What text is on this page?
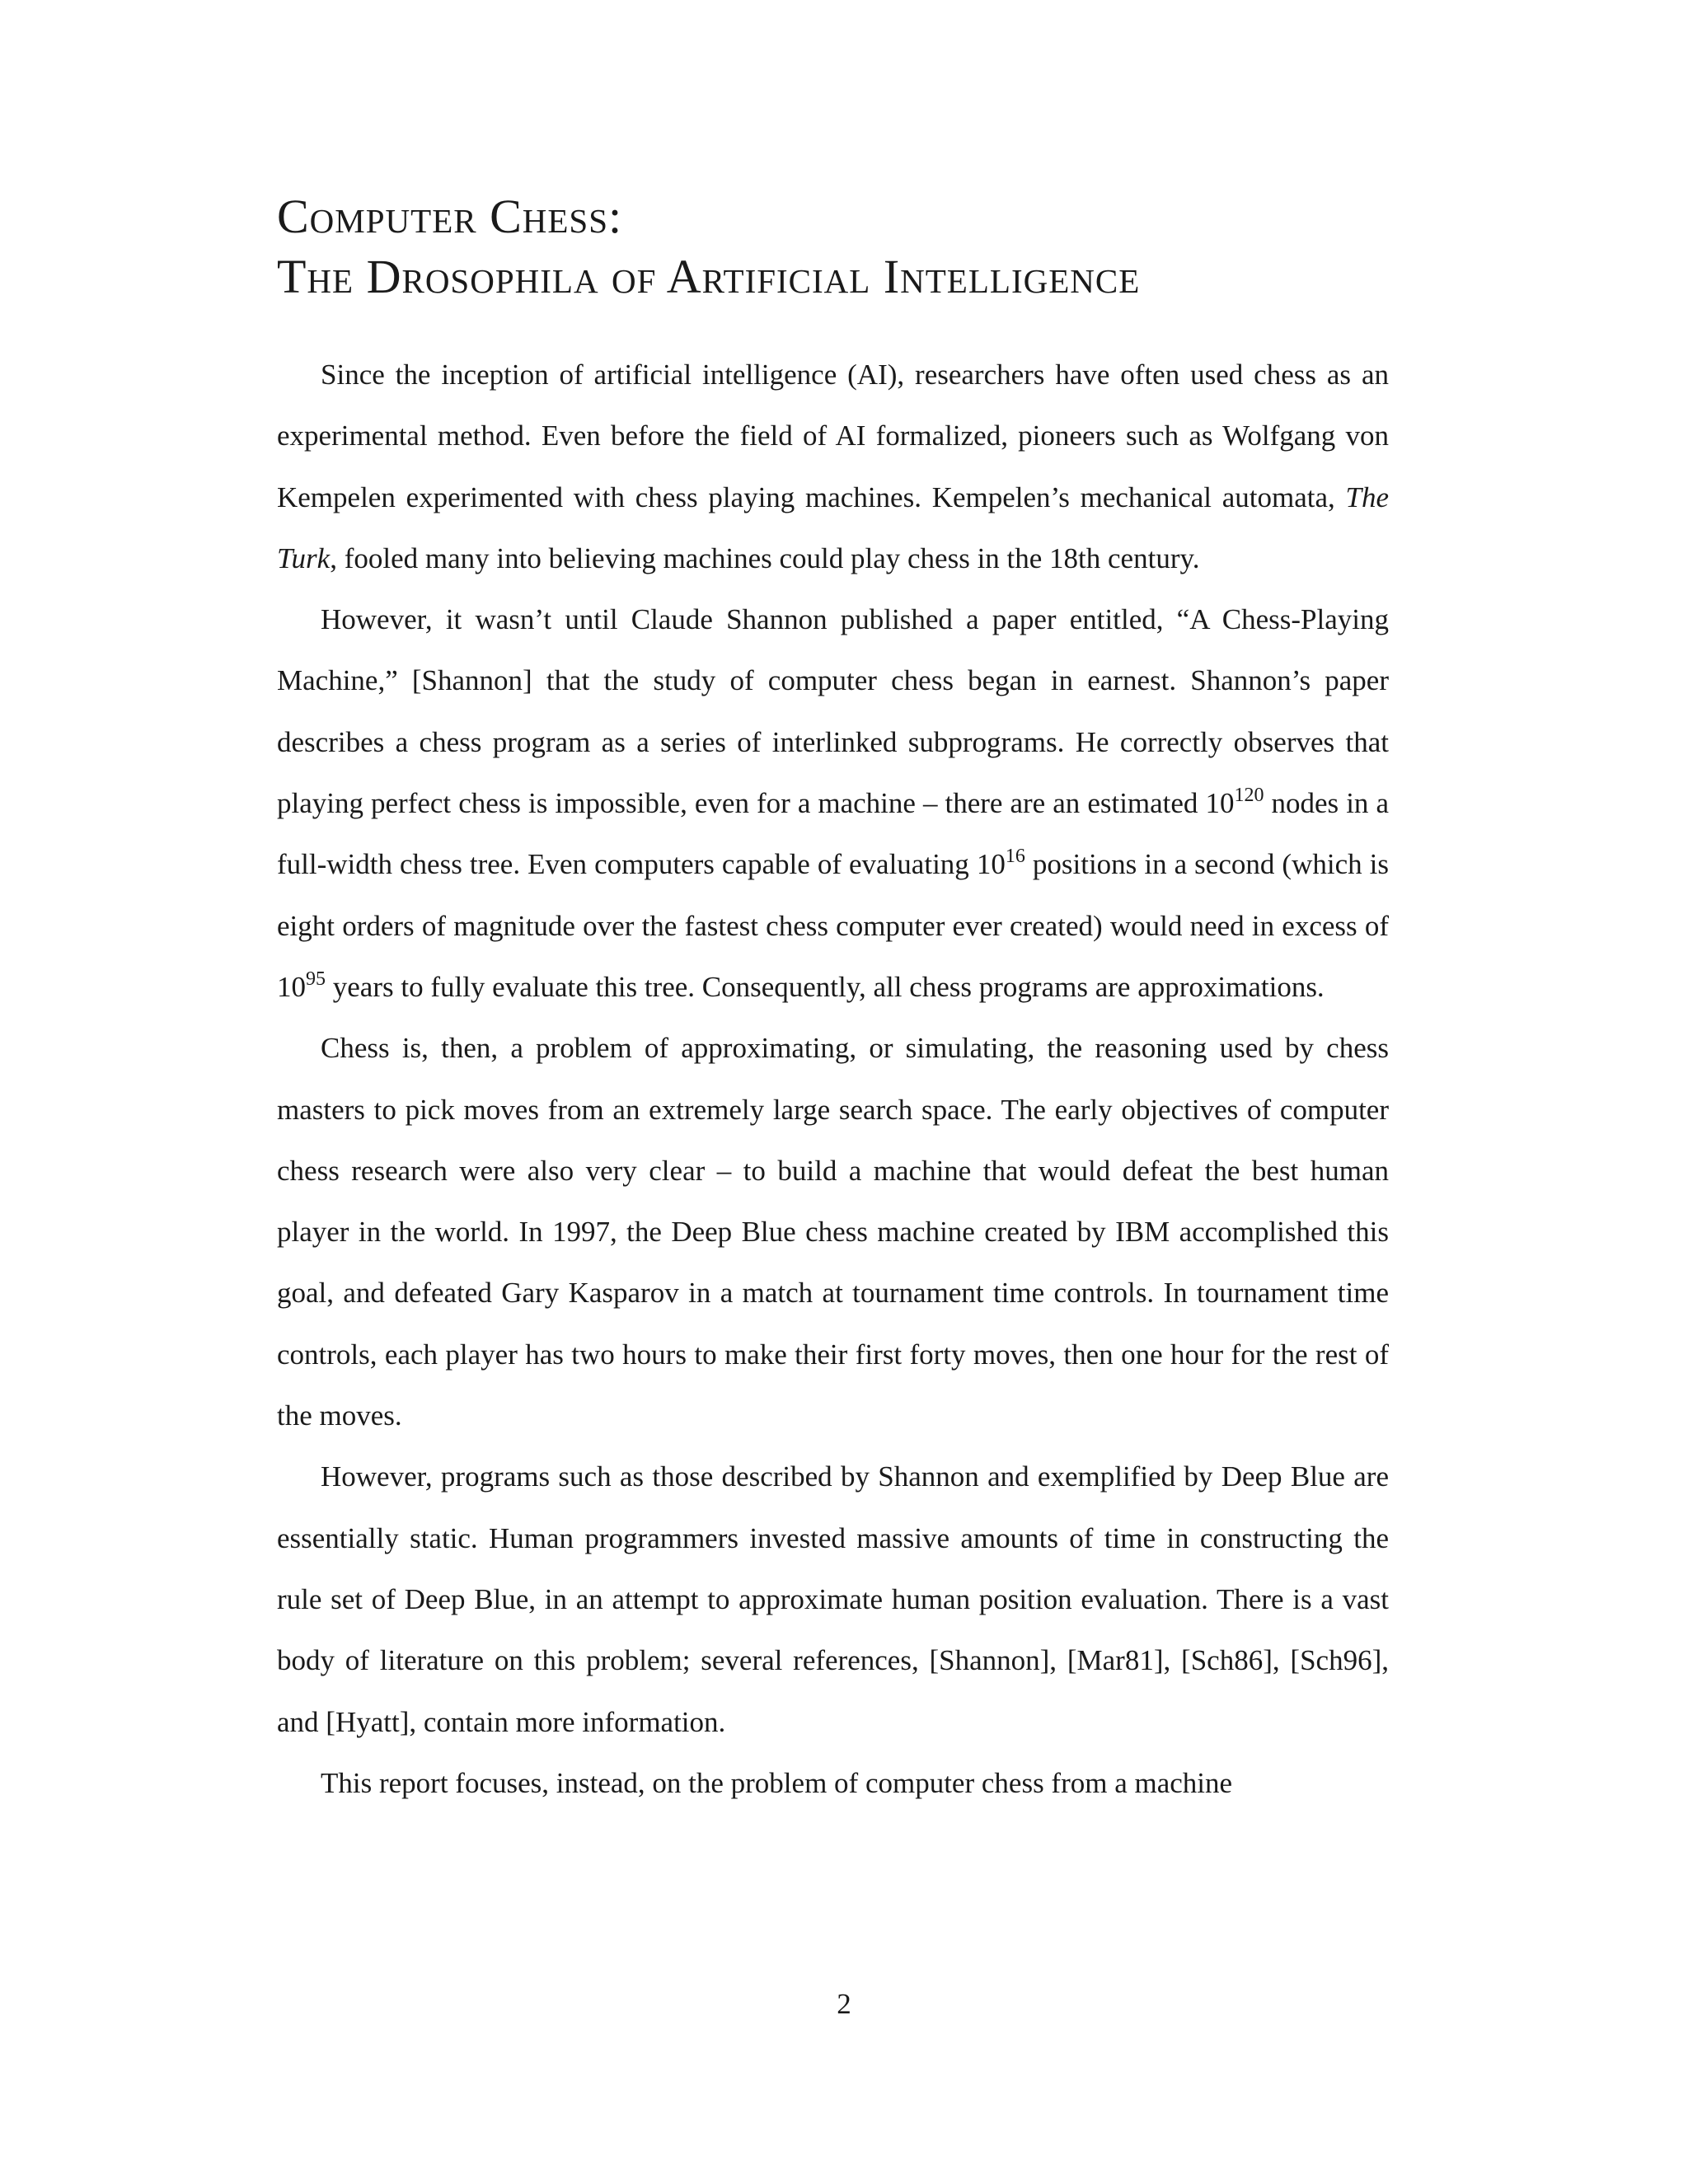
Computer Chess:
The Drosophila of Artificial Intelligence

Since the inception of artificial intelligence (AI), researchers have often used chess as an experimental method. Even before the field of AI formalized, pioneers such as Wolfgang von Kempelen experimented with chess playing machines. Kempelen’s mechanical automata, The Turk, fooled many into believing machines could play chess in the 18th century.

However, it wasn’t until Claude Shannon published a paper entitled, “A Chess-Playing Machine,” [Shannon] that the study of computer chess began in earnest. Shannon’s paper describes a chess program as a series of interlinked subprograms. He correctly observes that playing perfect chess is impossible, even for a machine – there are an estimated $10^{120}$ nodes in a full-width chess tree. Even computers capable of evaluating $10^{16}$ positions in a second (which is eight orders of magnitude over the fastest chess computer ever created) would need in excess of $10^{95}$ years to fully evaluate this tree. Consequently, all chess programs are approximations.

Chess is, then, a problem of approximating, or simulating, the reasoning used by chess masters to pick moves from an extremely large search space. The early objectives of computer chess research were also very clear – to build a machine that would defeat the best human player in the world. In 1997, the Deep Blue chess machine created by IBM accomplished this goal, and defeated Gary Kasparov in a match at tournament time controls. In tournament time controls, each player has two hours to make their first forty moves, then one hour for the rest of the moves.

However, programs such as those described by Shannon and exemplified by Deep Blue are essentially static. Human programmers invested massive amounts of time in constructing the rule set of Deep Blue, in an attempt to approximate human position evaluation. There is a vast body of literature on this problem; several references, [Shannon], [Mar81], [Sch86], [Sch96], and [Hyatt], contain more information.

This report focuses, instead, on the problem of computer chess from a machine

2
